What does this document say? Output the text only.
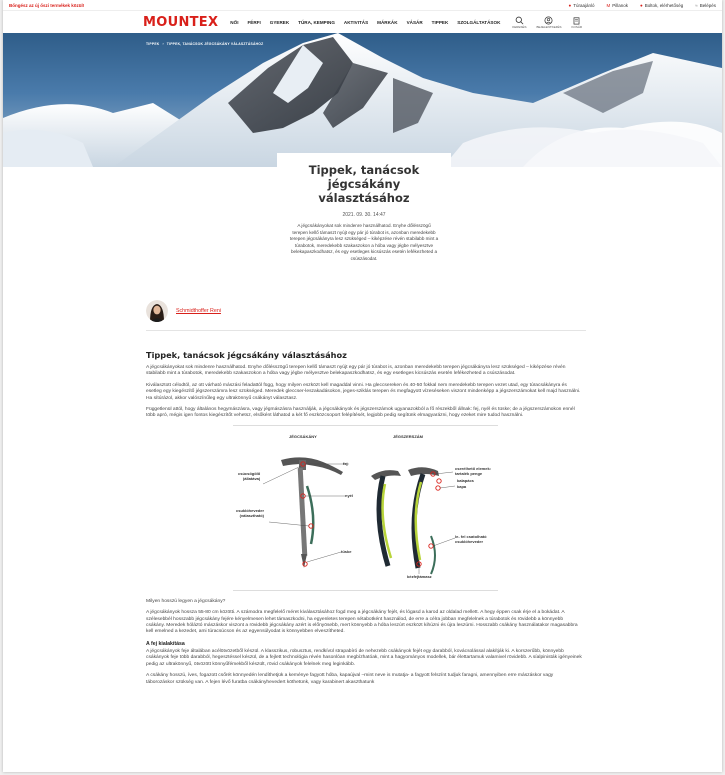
Bőngész az új őszi termékek közül!	● Túraajánló	M Pillanok	● Boltok, elérhetőség	≈ Belépés
MOUNTEX	NŐI FÉRFI GYEREK TÚRA, KEMPING AKTIVITÁS MÁRKÁK VÁSÁR TIPPEK SZOLGÁLTATÁSOK
KERESÉS	BEJELENTKEZÉS	KOSÁR
TIPPEK › TIPPEK, TANÁCSOK JÉGCSÁKÁNY VÁLASZTÁSÁHOZ
Tippek, tanácsok jégcsákány választásához
2021. 09. 30. 14:47
A jégcsákányokat sok mindenre használhatod. Enyhe dőlésszögű terepen kellő támaszt nyújt egy pár jó túrabot is, azonban meredekebb terepen jégcsákányra lesz szükséged – kiképzése révén stabilabb mint a túrabotok, meredekebb szakaszokon a hóba vagy jégbe mélyesztve belekapaszkodhatsz, és egy esetleges kicsúszás esetén lefékezheted a csúszásodat.
Schmidthoffer Reni
Tippek, tanácsok jégcsákány választásához

A jégcsákányokat sok mindenre használhatod. Enyhe dőlésszögű terepen kellő támaszt nyújt egy pár jó túrabot is, azonban meredekebb terepen jégcsákányra lesz szükséged – kiképzése révén stabilabb mint a túrabotok, meredekebb szakaszokon a hóba vagy jégbe mélyesztve belekapaszkodhatsz, és egy esetleges kicsúszás esetén lefékezheted a csúszásodat.

Kiválasztott célodtól, az ott várható mászási feladattól függ, hogy milyen eszközt kell magaddal vinni. Ha gleccsereken és 40-50 fokkal nem meredekebb terepen vezet utad, egy túracsákányra és esetleg egy kiegészítő jégszerszámra lesz szükséged. Meredek gleccser-leszakadásokon, jeges-sziklás terepen és megfagyott vízeséseken viszont mindenképp a jégszerszámokat kell majd használni. Ha sítúrázol, akkor valószínűleg egy ultrakönnyű csákányt választasz.

Függetlenül attól, hogy általános hegymászásra, vagy jégmászásra használják, a jégcsákányok és jégszerszámok ugyanazokból a fő részekből állnak: fej, nyél és tüske; de a jégszerszámokon ennél több apró, mégis igen fontos kiegészítőt vehetsz, elsőként láthatod a két fő eszközcsoport felépítését, legjobb pedig segítünk elmagyarázni, hogy ezeket mire tudod használni.

JÉGCSÁKÁNY	JÉGSZERSZÁM
fej
csúcsögölő
(állatáva)
nyél
csuklóheveder
(választható)
tüske
cserélhető elemek:
tartalék penge
kalapács
kapa
le- fel csatolható
csuklóheveder
kézfejtámasz

Milyen hosszú legyen a jégcsákány?

A jégcsákányok hossza 55-80 cm közötti. A számodra megfelelő méret kiválasztásához fogd meg a jégcsákány fejét, és lógasd a karod az oldalad mellett. A hegy éppen csak érje el a bokádat. A szélesebbél hosszabb jégcsákány fejére kényelmesen lehet támaszkodni, ha egyenletes terepen sétabotként használod, de erre a célra jobban megfelelnek a túrabotok és rövidebb a könnyebb csákány. Meredek hóláztó mászáskor viszont a rövidebb jégcsákány azért is előnyösebb, mert könnyebb a hóba leszúrt eszközt kihúzni és újra leszúrni. Hosszabb csákány használatakor magasabbra kell emelned a kezedet, ami túracsúcson és az egyensúlyodat is könnyebben elveszítheted.

A fej kialakítása

A jégcsákányok feje általában acélötvözetből készül. A klasszikus, robusztus, rendkívül strapabíró de nehezebb csákányok fejét egy darabból, kovácsolással alakítják ki. A korszerűbb, könnyebb csákányok feje több darabból, hegesztéssel készül, de a fejlett technológia révén hasonlóan megbízhatóak, mint a hagyományos modellek, bár élettartamuk valamivel rövidebb. A síalpinisták igényeinek pedig az ultrakönnyű, ötvözött könnyűfémekből készült, rövid csákányok felelnek meg leginkább.

A csákány hosszú, íves, fogazott csőrét könnyedén lendíthetjük a keménye fagyott hóba, kapaújval –mint neve is mutatja- a fagyott felszínt tudjuk faragni, amennyiben erre mászáskor vagy táborozáskor szükség van. A fejen lévő furatba csákányhevedert köthetünk, vagy karabinert akaszthatunk
